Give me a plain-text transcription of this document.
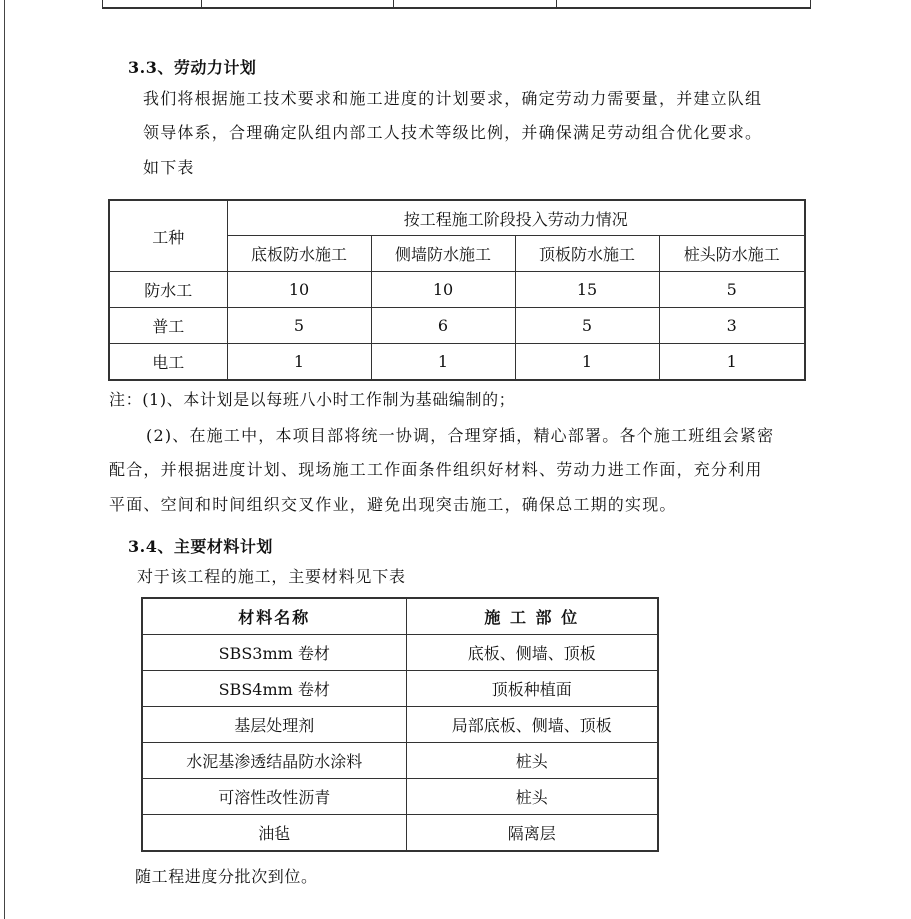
3.3、劳动力计划
我们将根据施工技术要求和施工进度的计划要求，确定劳动力需要量，并建立队组
领导体系，合理确定队组内部工人技术等级比例，并确保满足劳动组合优化要求。
如下表
工种	按工程施工阶段投入劳动力情况			
	底板防水施工	侧墙防水施工	顶板防水施工	桩头防水施工
防水工	10	10	15	5
普工	5	6	5	3
电工	1	1	1	1
注：(1)、本计划是以每班八小时工作制为基础编制的；
(2)、在施工中，本项目部将统一协调，合理穿插，精心部署。各个施工班组会紧密
配合，并根据进度计划、现场施工工作面条件组织好材料、劳动力进工作面，充分利用
平面、空间和时间组织交叉作业，避免出现突击施工，确保总工期的实现。
3.4、主要材料计划
对于该工程的施工，主要材料见下表
材料名称	施 工 部 位
SBS3mm 卷材	底板、侧墙、顶板
SBS4mm 卷材	顶板种植面
基层处理剂	局部底板、侧墙、顶板
水泥基渗透结晶防水涂料	桩头
可溶性改性沥青	桩头
油毡	隔离层
随工程进度分批次到位。
